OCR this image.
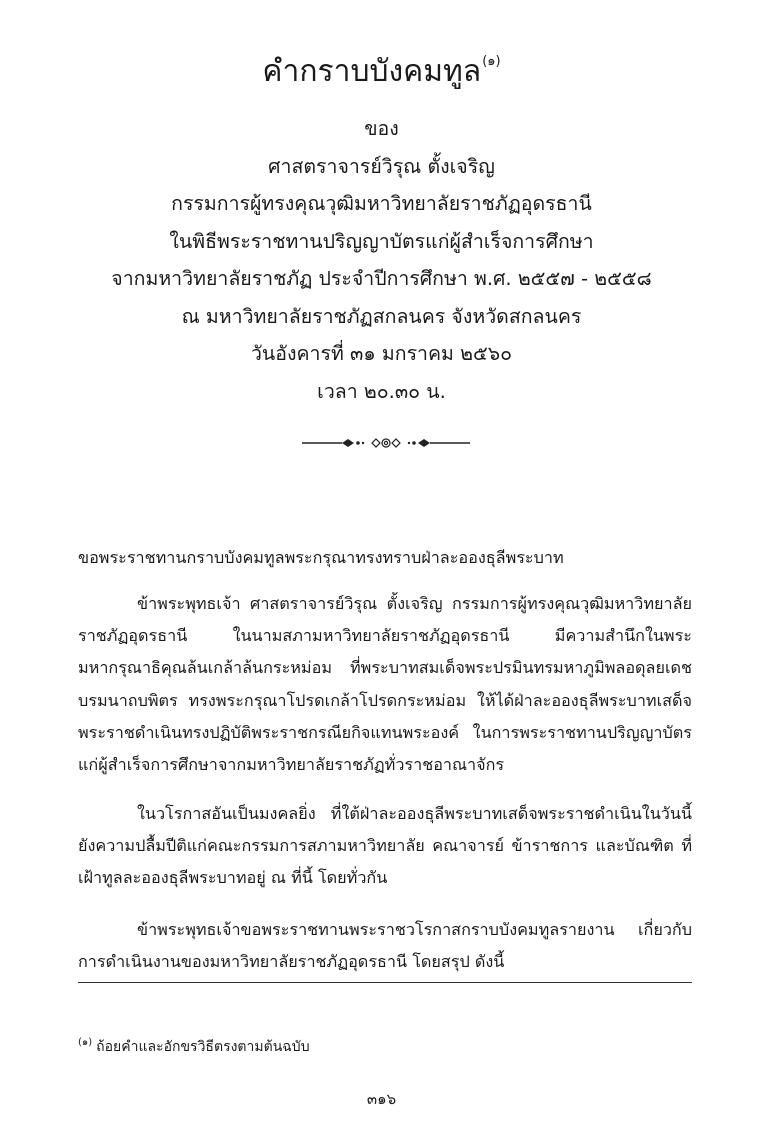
คำกราบบังคมทูล$^{(๑)}$
ของ
ศาสตราจารย์วิรุณ ตั้งเจริญ
กรรมการผู้ทรงคุณวุฒิมหาวิทยาลัยราชภัฏอุดรธานี
ในพิธีพระราชทานปริญญาบัตรแก่ผู้สำเร็จการศึกษา
จากมหาวิทยาลัยราชภัฏ ประจำปีการศึกษา พ.ศ. ๒๕๕๗ - ๒๕๕๘
ณ มหาวิทยาลัยราชภัฏสกลนคร จังหวัดสกลนคร
วันอังคารที่ ๓๑ มกราคม ๒๕๖๐
เวลา ๒๐.๓๐ น.
ขอพระราชทานกราบบังคมทูลพระกรุณาทรงทราบฝ่าละอองธุลีพระบาท
ข้าพระพุทธเจ้า ศาสตราจารย์วิรุณ ตั้งเจริญ กรรมการผู้ทรงคุณวุฒิมหาวิทยาลัยราชภัฏอุดรธานี ในนามสภามหาวิทยาลัยราชภัฏอุดรธานี มีความสำนึกในพระมหากรุณาธิคุณล้นเกล้าล้นกระหม่อม ที่พระบาทสมเด็จพระปรมินทรมหาภูมิพลอดุลยเดช บรมนาถบพิตร ทรงพระกรุณาโปรดเกล้าโปรดกระหม่อม ให้ได้ฝ่าละอองธุลีพระบาทเสด็จพระราชดำเนินทรงปฏิบัติพระราชกรณียกิจแทนพระองค์ ในการพระราชทานปริญญาบัตรแก่ผู้สำเร็จการศึกษาจากมหาวิทยาลัยราชภัฏทั่วราชอาณาจักร
ในวโรกาสอันเป็นมงคลยิ่ง ที่ใต้ฝ่าละอองธุลีพระบาทเสด็จพระราชดำเนินในวันนี้ ยังความปลื้มปีติแก่คณะกรรมการสภามหาวิทยาลัย คณาจารย์ ข้าราชการ และบัณฑิต ที่เฝ้าทูลละอองธุลีพระบาทอยู่ ณ ที่นี้ โดยทั่วกัน
ข้าพระพุทธเจ้าขอพระราชทานพระราชวโรกาสกราบบังคมทูลรายงาน เกี่ยวกับการดำเนินงานของมหาวิทยาลัยราชภัฏอุดรธานี โดยสรุป ดังนี้
$^{(๑)}$ ถ้อยคำและอักขรวิธีตรงตามต้นฉบับ
๓๑๖
